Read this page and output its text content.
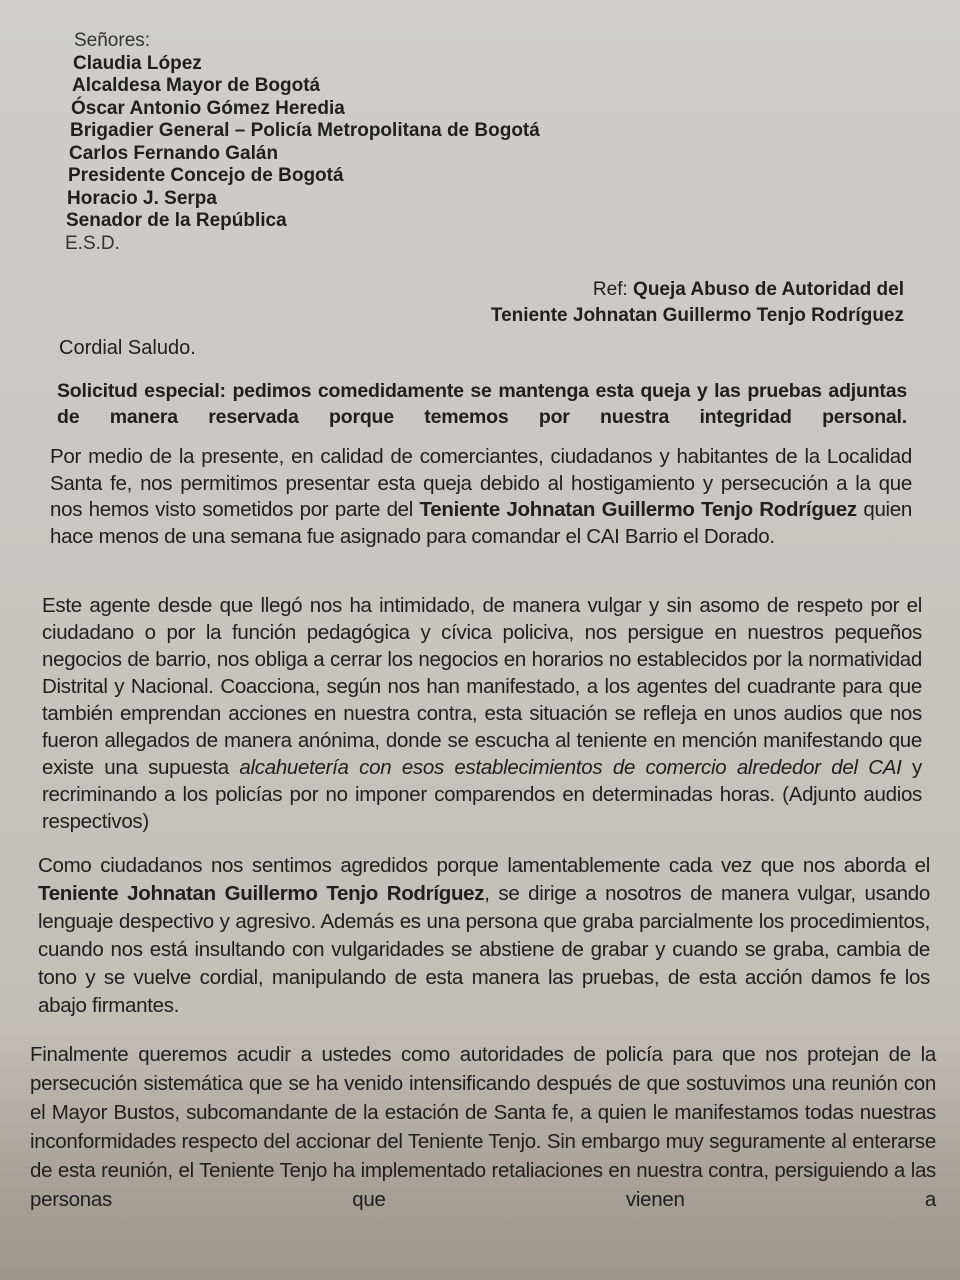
Señores:
Claudia López
Alcaldesa Mayor de Bogotá
Óscar Antonio Gómez Heredia
Brigadier General – Policía Metropolitana de Bogotá
Carlos Fernando Galán
Presidente Concejo de Bogotá
Horacio J. Serpa
Senador de la República
E.S.D.
Ref: Queja Abuso de Autoridad del
Teniente Johnatan Guillermo Tenjo Rodríguez
Cordial Saludo.
Solicitud especial: pedimos comedidamente se mantenga esta queja y las pruebas adjuntas de manera reservada porque tememos por nuestra integridad personal.
Por medio de la presente, en calidad de comerciantes, ciudadanos y habitantes de la Localidad Santa fe, nos permitimos presentar esta queja debido al hostigamiento y persecución a la que nos hemos visto sometidos por parte del Teniente Johnatan Guillermo Tenjo Rodríguez quien hace menos de una semana fue asignado para comandar el CAI Barrio el Dorado.
Este agente desde que llegó nos ha intimidado, de manera vulgar y sin asomo de respeto por el ciudadano o por la función pedagógica y cívica policiva, nos persigue en nuestros pequeños negocios de barrio, nos obliga a cerrar los negocios en horarios no establecidos por la normatividad Distrital y Nacional. Coacciona, según nos han manifestado, a los agentes del cuadrante para que también emprendan acciones en nuestra contra, esta situación se refleja en unos audios que nos fueron allegados de manera anónima, donde se escucha al teniente en mención manifestando que existe una supuesta alcahuetería con esos establecimientos de comercio alrededor del CAI y recriminando a los policías por no imponer comparendos en determinadas horas. (Adjunto audios respectivos)
Como ciudadanos nos sentimos agredidos porque lamentablemente cada vez que nos aborda el Teniente Johnatan Guillermo Tenjo Rodríguez, se dirige a nosotros de manera vulgar, usando lenguaje despectivo y agresivo. Además es una persona que graba parcialmente los procedimientos, cuando nos está insultando con vulgaridades se abstiene de grabar y cuando se graba, cambia de tono y se vuelve cordial, manipulando de esta manera las pruebas, de esta acción damos fe los abajo firmantes.
Finalmente queremos acudir a ustedes como autoridades de policía para que nos protejan de la persecución sistemática que se ha venido intensificando después de que sostuvimos una reunión con el Mayor Bustos, subcomandante de la estación de Santa fe, a quien le manifestamos todas nuestras inconformidades respecto del accionar del Teniente Tenjo. Sin embargo muy seguramente al enterarse de esta reunión, el Teniente Tenjo ha implementado retaliaciones en nuestra contra, persiguiendo a las personas que vienen a
